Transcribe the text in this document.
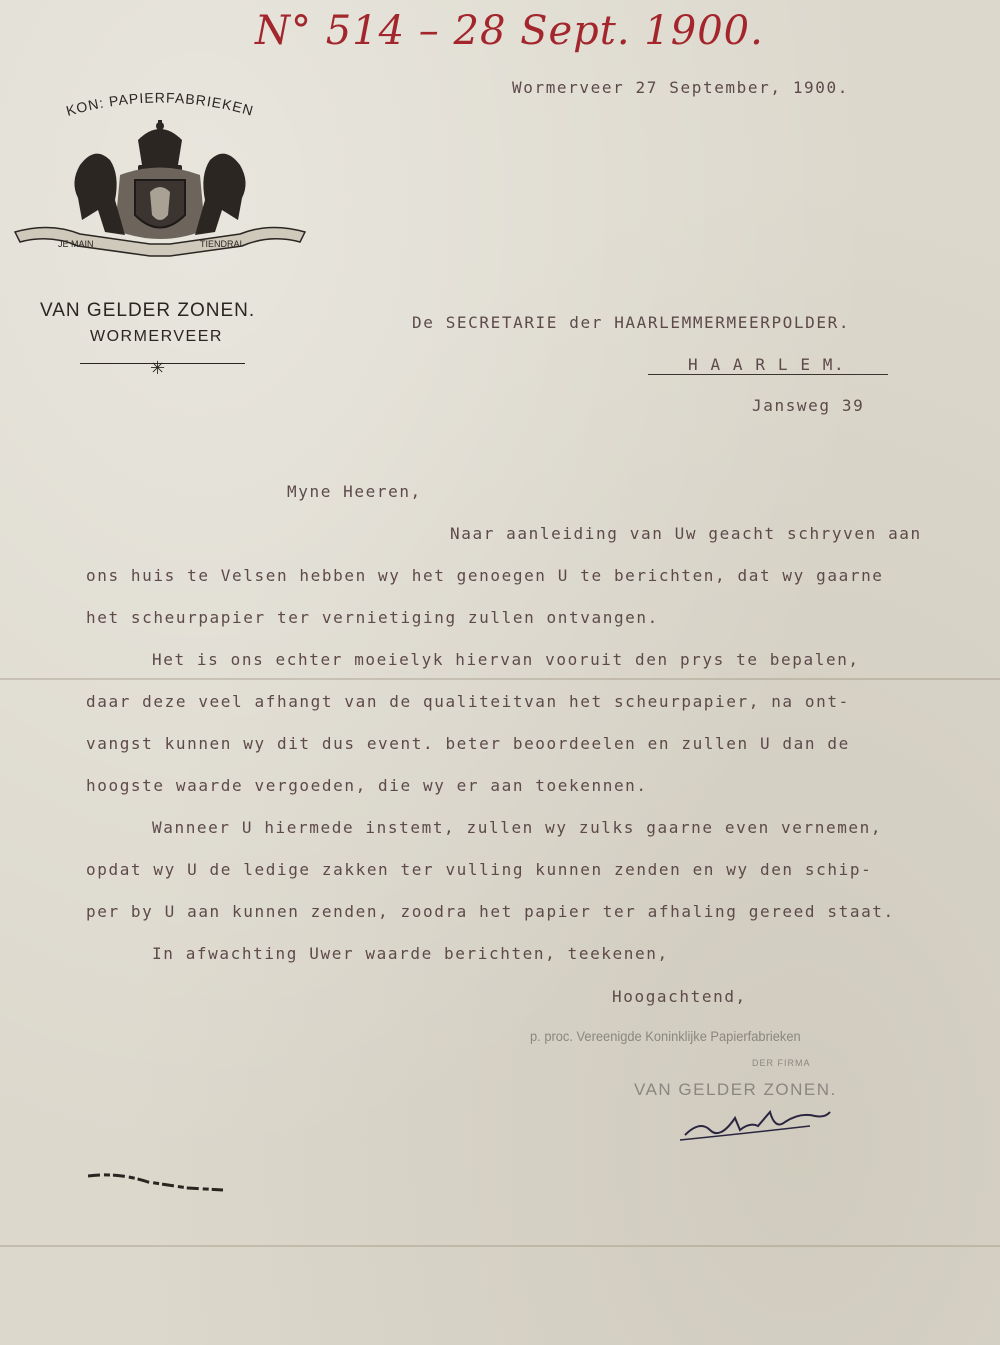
N° 514 – 28 Sept. 1900.
KON: PAPIERFABRIEKEN
JE MAIN	TIENDRAI
VAN GELDER ZONEN.
WORMERVEER
✳
Wormerveer 27 September, 1900.
De SECRETARIE der HAARLEMMERMEERPOLDER.
H A A R L E M.
Jansweg 39
Myne Heeren,
Naar aanleiding van Uw geacht schryven aan
ons huis te Velsen hebben wy het genoegen U te berichten, dat wy gaarne
het scheurpapier ter vernietiging zullen ontvangen.
Het is ons echter moeielyk hiervan vooruit den prys te bepalen,
daar deze veel afhangt van de qualiteitvan het scheurpapier, na ont-
vangst kunnen wy dit dus event. beter beoordeelen en zullen U dan de
hoogste waarde vergoeden, die wy er aan toekennen.
Wanneer U hiermede instemt, zullen wy zulks gaarne even vernemen,
opdat wy U de ledige zakken ter vulling kunnen zenden en wy den schip-
per by U aan kunnen zenden, zoodra het papier ter afhaling gereed staat.
In afwachting Uwer waarde berichten, teekenen,
Hoogachtend,
p. proc. Vereenigde Koninklijke Papierfabrieken
DER FIRMA
VAN GELDER ZONEN.
